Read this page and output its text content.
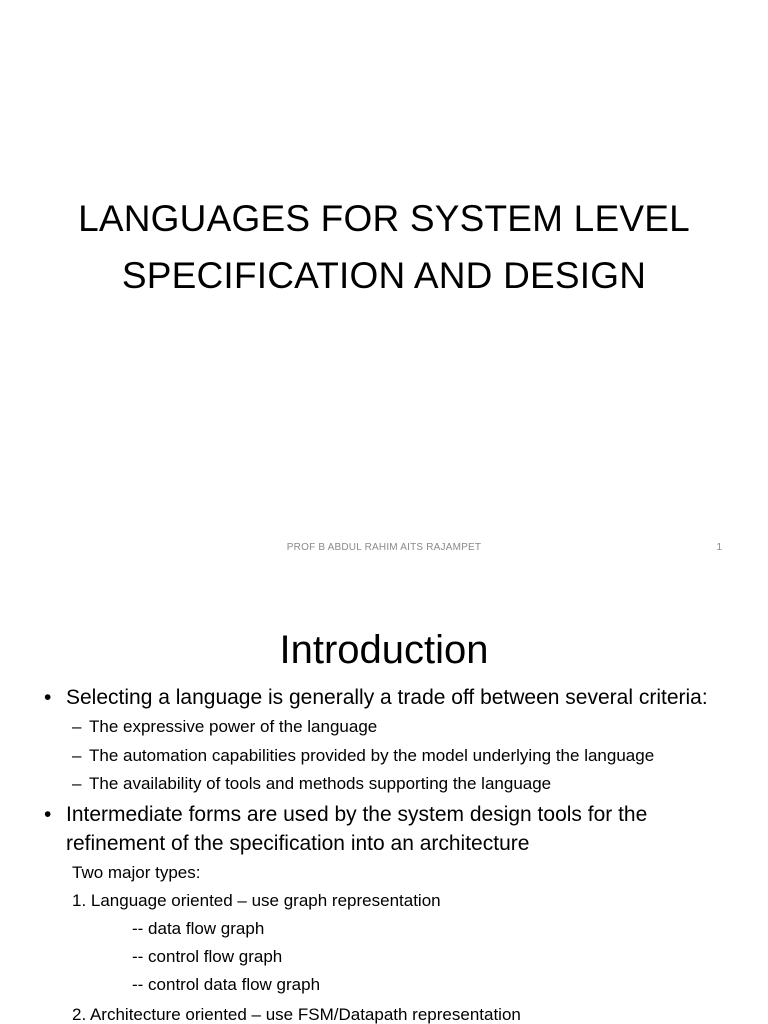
LANGUAGES FOR SYSTEM LEVEL
SPECIFICATION AND DESIGN
PROF B ABDUL RAHIM AITS RAJAMPET	1
Introduction
• Selecting a language is generally a trade off between several criteria:
– The expressive power of the language
– The automation capabilities provided by the model underlying the language
– The availability of tools and methods supporting the language
• Intermediate forms are used by the system design tools for the
refinement of the specification into an architecture
Two major types:
1. Language oriented – use graph representation
-- data flow graph
-- control flow graph
-- control data flow graph
2. Architecture oriented – use FSM/Datapath representation
